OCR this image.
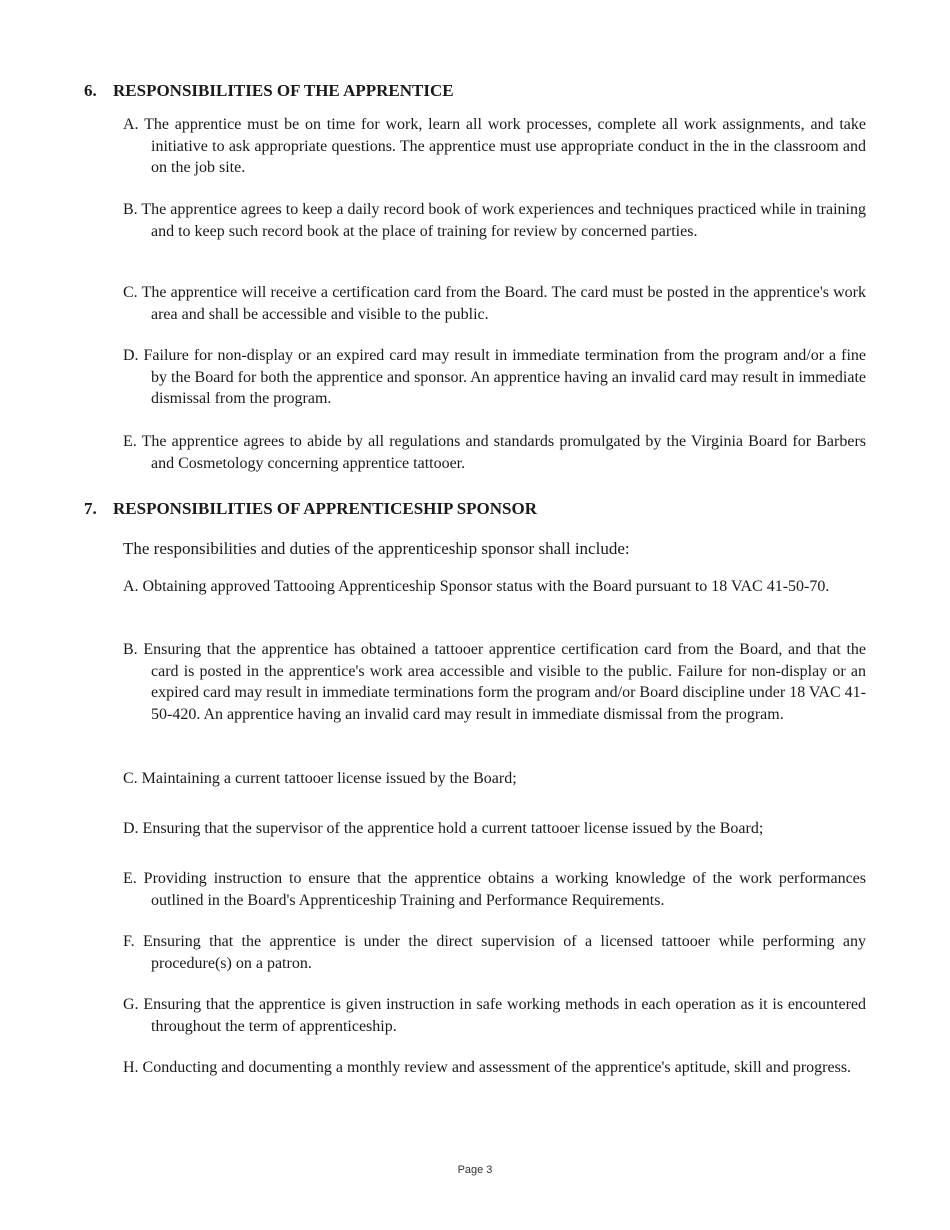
6. RESPONSIBILITIES OF THE APPRENTICE

A. The apprentice must be on time for work, learn all work processes, complete all work assignments, and take initiative to ask appropriate questions. The apprentice must use appropriate conduct in the in the classroom and on the job site.

B. The apprentice agrees to keep a daily record book of work experiences and techniques practiced while in training and to keep such record book at the place of training for review by concerned parties.

C. The apprentice will receive a certification card from the Board. The card must be posted in the apprentice's work area and shall be accessible and visible to the public.

D. Failure for non-display or an expired card may result in immediate termination from the program and/or a fine by the Board for both the apprentice and sponsor. An apprentice having an invalid card may result in immediate dismissal from the program.

E. The apprentice agrees to abide by all regulations and standards promulgated by the Virginia Board for Barbers and Cosmetology concerning apprentice tattooer.

7. RESPONSIBILITIES OF APPRENTICESHIP SPONSOR

The responsibilities and duties of the apprenticeship sponsor shall include:

A. Obtaining approved Tattooing Apprenticeship Sponsor status with the Board pursuant to 18 VAC 41-50-70.

B. Ensuring that the apprentice has obtained a tattooer apprentice certification card from the Board, and that the card is posted in the apprentice's work area accessible and visible to the public. Failure for non-display or an expired card may result in immediate terminations form the program and/or Board discipline under 18 VAC 41-50-420. An apprentice having an invalid card may result in immediate dismissal from the program.

C. Maintaining a current tattooer license issued by the Board;

D. Ensuring that the supervisor of the apprentice hold a current tattooer license issued by the Board;

E. Providing instruction to ensure that the apprentice obtains a working knowledge of the work performances outlined in the Board's Apprenticeship Training and Performance Requirements.

F. Ensuring that the apprentice is under the direct supervision of a licensed tattooer while performing any procedure(s) on a patron.

G. Ensuring that the apprentice is given instruction in safe working methods in each operation as it is encountered throughout the term of apprenticeship.

H. Conducting and documenting a monthly review and assessment of the apprentice's aptitude, skill and progress.

Page 3
